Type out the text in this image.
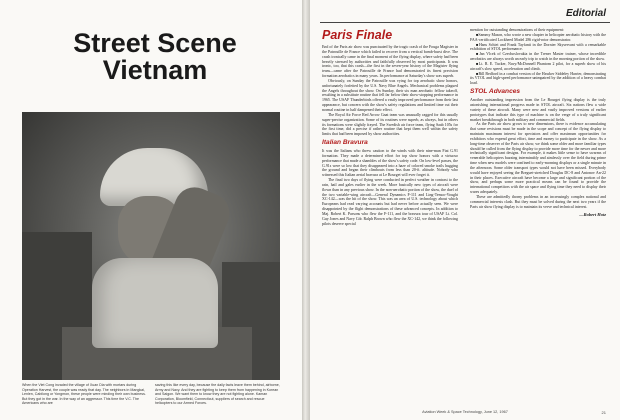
Street Scene
Vietnam

When the Viet Cong invaded the village of Xuan Dia with mortars during Operation Harvest, the couple was ready that day. The neighbors in Mangkai, Lenlen, Cabilong or Yongmon, these people were minding their own business. But they got in the war. In the way of an aggressor. This time the V.C. The Americans who are

saving this like every day, because the daily facts leave them behind, airborne, Army and Navy. And they are fighting to keep them from happening in Korean and Saigon. We want them to know they are not fighting alone. Kaman Corporation, Bloomfield, Connecticut, suppliers of search and rescue helicopters to our Armed Forces.

Editorial

Paris Finale

End of the Paris air show was punctuated by the tragic crash of the Fouga Magister in the Patrouille de France which failed to recover from a vertical bomb-burst dive. The crash ironically came in the final moment of the flying display, where safety had been heavily stressed by authorities and faithfully observed by most participants. It was ironic, too, that this crash—the first in the seven-year history of the Magister flying team—came after the Patrouille de France had demonstrated its finest precision formation aerobatics in many years. Its performance at Saturday's show was superb.

Obviously, on Sunday the Patrouille was vying for top aerobatic show honors, unfortunately forfeited by the U.S. Navy Blue Angels. Mechanical problems plagued the Angels throughout the show. On Sunday, their six man aerobatic fellow takeoff, resulting in a substitute routine that fell far below their show-stopping performance in 1965. The USAF Thunderbirds offered a vastly improved performance from their last appearance, but concern with the show's safety regulations and limited time cut their normal routine in half dampened their effect.

The Royal Air Force Red Arrow Gnat team was unusually ragged for this usually super-precise organization. Some of its routines were superb, as always, but in others its formations were slightly frayed. The Swedish air force team, flying Saab 105s for the first time, did a precise if rather routine that kept them well within the safety limits that had been imposed by show authorities.

Italian Bravura

It was the Italians who threw caution to the winds with their nine-man Fiat G.91 formation. They made a determined effort for top show honors with a virtuoso performance that made a shambles of the show's safety code. On low-level passes, the G.91s were so low that they disappeared into a haze of colored smoke trails hugging the ground and began their climbouts from less than 20-ft. altitude. Nobody who witnessed this Italian aerial bravura at Le Bourget will ever forget it.

The final two days of flying were conducted in perfect weather in contrast to the rain, hail and gales earlier in the week. More basically new types of aircraft were flown than in any previous show. In the non-aerobatic portion of the show, the duel of the two variable-wing aircraft—General Dynamics F-111 and Ling-Temco-Vought XC-142—was the hit of the show. This was an area of U.S. technology about which Europeans had read varying accounts but had never before actually seen. We were disappointed by the flight demonstrations of these advanced concepts. In addition to Maj. Robert K. Parsons who flew the F-111, and the bravura tour of USAF Lt. Col. Guy Jones and Navy Cdr. Ralph Brown who flew the XC-142, we think the following pilots deserve special

mention for outstanding demonstrations of their equipment:

■Sammy Mason, who wrote a new chapter in helicopter aerobatic history with the FAA-certificated Lockheed Model 286 rigid-rotor demonstrator.

■Hans Schiei and Frank Tayfanti in the Dornier Skyservant with a remarkable exhibition of STOL performance.

■Jan Vlcek of Czechoslovakia in the Trener Master trainer, whose incredible aerobatics are always worth an early trip to watch in the morning portion of the show.

■Lt. R. E. Tucker, Navy/McDonnell Phantom 2 pilot, for a superb show of his aircraft's slow speed, acceleration and climb.

■Bill Bedford in a combat version of the Hawker Siddeley Harrier, demonstrating its VTOL and high-speed performance unimpaired by the addition of a heavy combat load.

STOL Advances

Another outstanding impression from the Le Bourget flying display is the truly astonishing international progress made in STOL aircraft. Six nations flew a wide variety of these aircraft. Many were new and vastly improved versions of earlier prototypes that indicate this type of machine is on the verge of a truly significant market breakthrough in both military and commercial fields.

As the Paris air show grows to new dimensions, there is evidence accumulating that some revisions must be made in the scope and concept of the flying display to maintain maximum interest for spectators and offer maximum opportunities for exhibitors who expend great effort, time and money to participate in the show. As a long-time observer of the Paris air show, we think some older and more familiar types should be culled from the flying display to provide more time for the newer and more technically significant designs. For example, it makes little sense to have swarms of venerable helicopters buzzing interminably and aimlessly over the field during prime time when new models were confined to early-morning displays or a single minute in the afternoon. Some older transport types would not have been missed. Everybody would have enjoyed seeing the Breguet-stretched Douglas DC-8 and Antonov An-22 in their places. Executive aircraft have become a large and significant portion of the show, and perhaps some more practical means can be found to provide the international competitors with the air space and flying time they need to display their wares adequately.

These are admittedly thorny problems in an increasingly complex national and commercial interests clash. But they must be solved during the next two years if the Paris air show flying display is to maintain its verve and technical interest.

—Robert Hotz

Aviation Week & Space Technology, June 12, 1967	21
